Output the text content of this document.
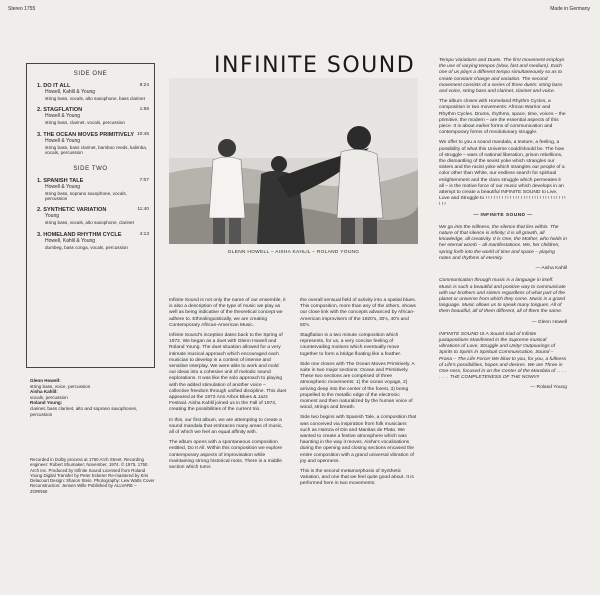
Stereo 1755	Made in Germany
SIDE ONE
1. DO IT ALL	8:24
Howell, Kahlil & Young
string bass, vocals, alto saxophone, bass clarinet
2. STAGFLATION	1:58
Howell & Young
string bass, clarinet, vocals, percussion
3. THE OCEAN MOVES PRIMITIVELY 10:45
Howell & Young
string bass, bass clarinet, bamboo reeds, kalimba, vocals, percussion
SIDE TWO
1. SPANISH TALE	7:07
Howell & Young
string bass, soprano saxophone, vocals, percussion
2. SYNTHETIC VARIATION	11:40
Young
string bass, vocals, alto saxophone, clarinet
3. HOMELAND RHYTHM CYCLE	4:13
Howell, Kahlil & Young
dumbeg, bass conga, vocals, percussion

Glenn Howell:

string bass, voice, percussion

Aisha Kahlil:

vocals, percussion

Roland Young:

clarinet, bass clarinet, alto and soprano saxophones, percussion

Recorded in Dolby process at 1750 Arch Street. Recording engineer: Robert Shumaker; November, 1974. © 1975, 1750 Arch Inc. Produced by Infinite Sound Licensed from Roland Young Digital Transfer by Peter Eckerer Re-mastered by Kris Delacourt Design: Sharon Stein. Photography: Lew Watts Cover Reconstruction: Jensen Wille Published by ALLVARE – ZORN50
INFINITE SOUND
GLENN HOWELL – AISHA KAHLIL – ROLAND YOUNG

Infinite Sound is not only the name of our ensemble, it is also a description of the type of music we play as well as being indicative of the theoretical concept we adhere to. Ethnolinguistically, we are creating Contemporary African-American Music.

Infinite Sound's inception dates back to the Spring of 1972. We began as a duet with Glenn Howell and Roland Young. The duet situation allowed for a very intimate musical approach which encouraged each musician to develop in a context of intense and sensitive interplay. We were able to work and mold our ideas into a cohesive unit of melodic sound explorations. It was like the solo approach to playing with the added stimulation of another voice – collective freedom through unified discipline. This duet appeared at the 1973 Ann Arbor Blues & Jazz Festival. Aisha Kahlil joined us in the Fall of 1974, creating the possibilities of the current trio.

In this, our first album, we are attempting to create a sound mandala that embraces many areas of music, all of which we feel an equal affinity with.

The album opens with a spontaneous composition entitled, Do It All. Within this composition we explore contemporary aspects of improvisation while maintaining strong historical roots. There is a middle section which turns

the overall sensual field of activity into a spatial blues. This composition, more than any of the others, shows our close link with the concepts advanced by African-American improvisers of the 1920's, 30's, 40's and 50's.

Stagflation is a two minute composition which represents, for us, a very concise feeling of countervailing motions which eventually move together to form a bridge floating like a feather.

Side one closes with The Ocean Moves Primitively. A suite in two major sections: Ocean and Primitively. These two sections are comprised of three atmospheric movements: 1) the ocean voyage, 2) arriving deep into the center of the forest, 3) being propelled to the metallic edge of the electronic moment and then naturalized by the human voice of wood, strings and breath.

Side two begins with Spanish Tale, a composition that was conceived via inspiration from folk musicians such as Hamza el Din and Manitas de Plata. We wanted to create a festive atmosphere which was haunting in the way it moves. Aisha's vocalisations during the opening and closing sections encased the entire composition with a grand universal vibration of joy and openness.

This is the second metamorphosis of Synthetic Variation, and one that we feel quite good about. It is performed here in two movements:

Tempo Variations and Duets. The first movement employs the use of varying tempos (slow, fast and medium). Each one of us plays a different tempo simultaneously so as to create constant change and variation. The second movement consists of a series of three duets: string bass and voice, string bass and clarinet, clarinet and voice.

The album closes with Homeland Rhythm Cycles, a composition in two movements: African Warrior and Rhythm Cycles. Drums, rhythms, space, time, voices – the primitive, the modern – are the essential aspects of this piece. It is about earlier forms of communication and contemporary forms of revolutionary struggle.

We offer to you a sound mandala, a texture, a feeling, a possibility of what this Universe could/should be. The how of struggle – wars of national liberation, prison rebellions, the dismantling of the sexist yoke which strangles our sisters and the racist yoke which strangles our people of a color other than White, our endless search for spiritual enlightenment and the class struggle which permeates it all – is the motive force of our music which develops in an attempt to create a beautiful INFINITE SOUND to Live, Love and Struggle to ! ! ! ! ! ! ! ! ! ! ! ! ! ! ! ! ! ! ! ! ! ! ! ! ! ! ! ! ! ! ! ! !

— INFINITE SOUND —

We go into the stillness, the silence that lies within. The nature of that silence is infinity; it is all growth, all knowledge, all creativity. It is One, the Mother, who holds in her eternal womb – all manifestations. We, her children, spring forth into the world of time and space – playing notes and rhythms of eternity.

— Aisha Kahlil

Communication through music is a language in itself. Music is such a beautiful and positive way to communicate with our brothers and sisters regardless of what part of the planet or universe from which they come. Music is a grand language. Music allows us to speak many tongues. All of them beautiful, all of them different, all of them the same.

— Glenn Howell

INFINITE SOUND IS A Sound triad of Infinite juxtapositions Manifested in the Supreme musical vibrations of Love, Struggle and Unity! Outpourings of Spirits to Spirits in Spiritual Communication, Sound – Prana – The Life Force! We blow to you, for you, a fullness of Life's possibilities, hopes and desires. We are Three in One-ness, focused in on the Center of the Mandala of . . . . . . . . THE COMPLETENESS OF THE NOW!!!!

— Roland Young
